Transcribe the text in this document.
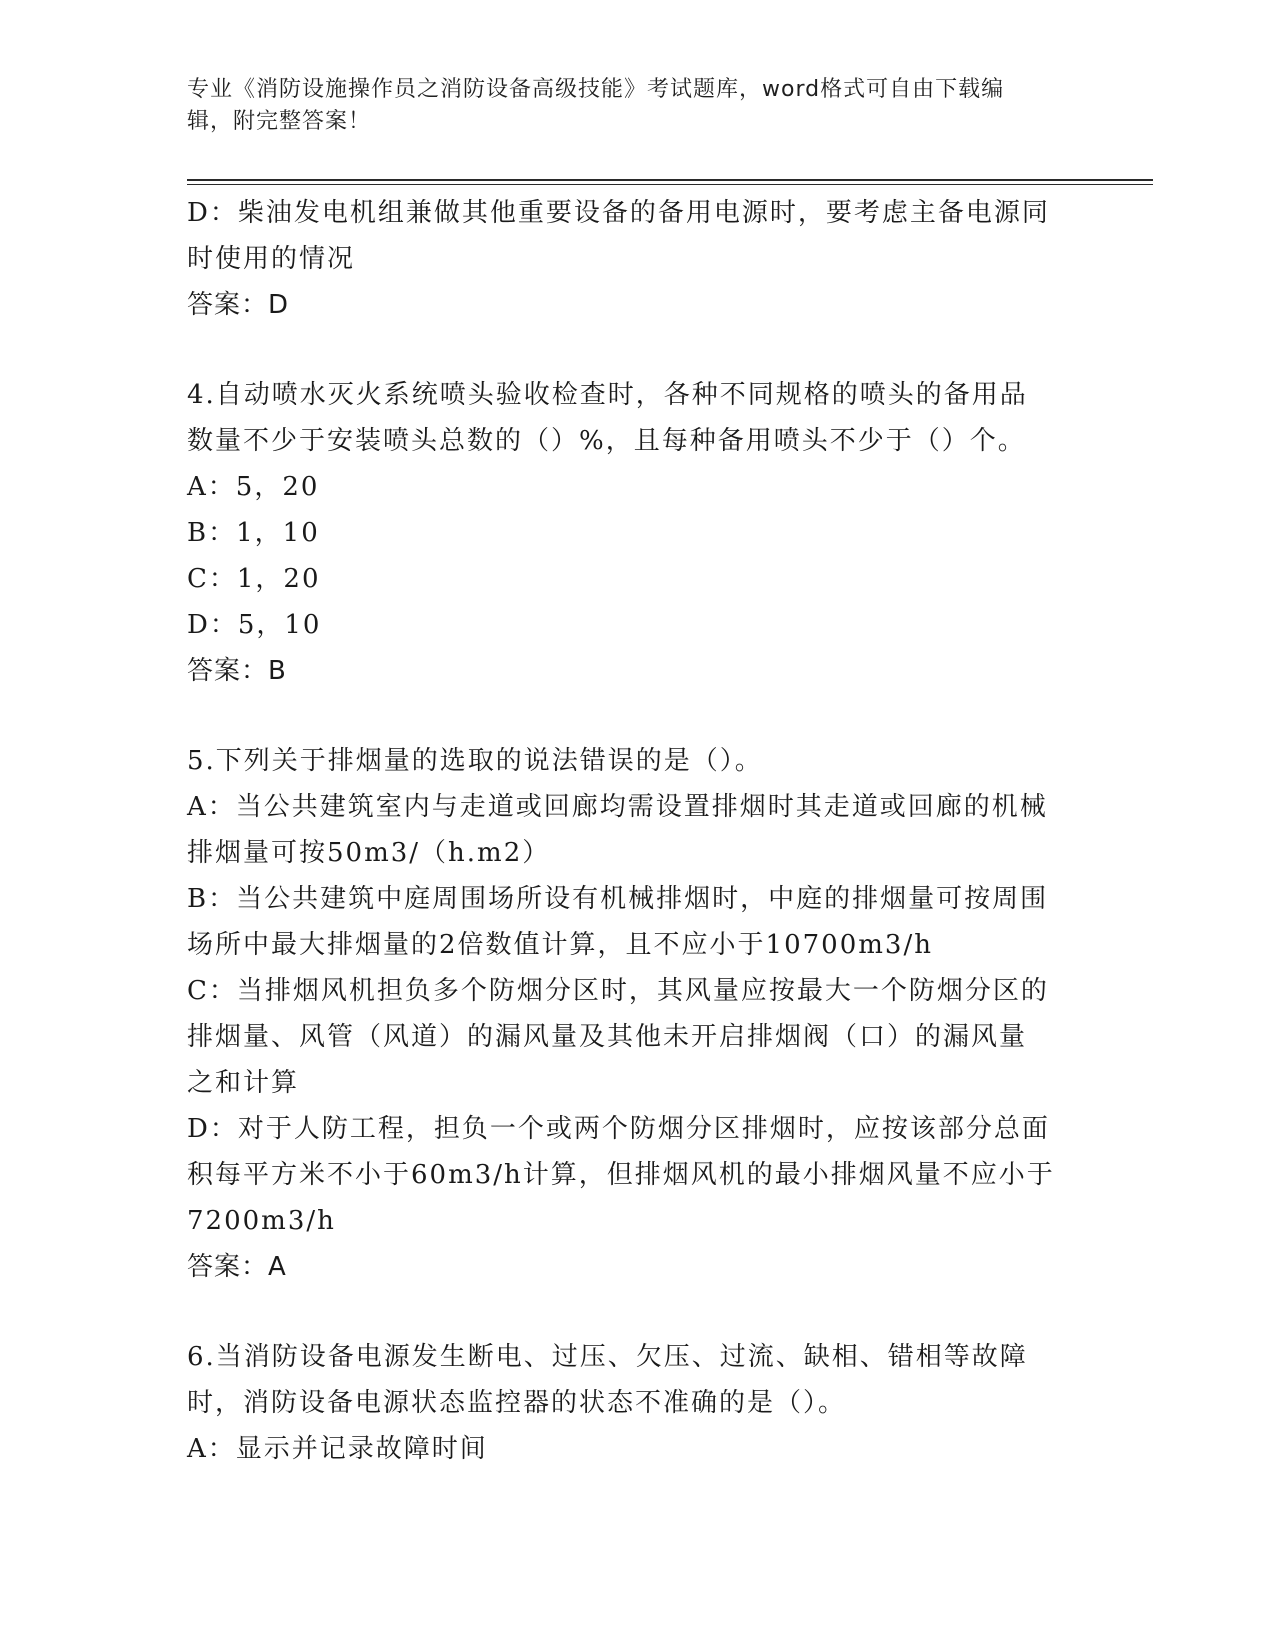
专业《消防设施操作员之消防设备高级技能》考试题库，word格式可自由下载编
辑，附完整答案！
D：柴油发电机组兼做其他重要设备的备用电源时，要考虑主备电源同
时使用的情况
答案：D
4.自动喷水灭火系统喷头验收检查时，各种不同规格的喷头的备用品
数量不少于安装喷头总数的（）%，且每种备用喷头不少于（）个。
A：5，20
B：1，10
C：1，20
D：5，10
答案：B
5.下列关于排烟量的选取的说法错误的是（）。
A：当公共建筑室内与走道或回廊均需设置排烟时其走道或回廊的机械
排烟量可按50m3/（h.m2）
B：当公共建筑中庭周围场所设有机械排烟时，中庭的排烟量可按周围
场所中最大排烟量的2倍数值计算，且不应小于10700m3/h
C：当排烟风机担负多个防烟分区时，其风量应按最大一个防烟分区的
排烟量、风管（风道）的漏风量及其他未开启排烟阀（口）的漏风量
之和计算
D：对于人防工程，担负一个或两个防烟分区排烟时，应按该部分总面
积每平方米不小于60m3/h计算，但排烟风机的最小排烟风量不应小于
7200m3/h
答案：A
6.当消防设备电源发生断电、过压、欠压、过流、缺相、错相等故障
时，消防设备电源状态监控器的状态不准确的是（）。
A：显示并记录故障时间
